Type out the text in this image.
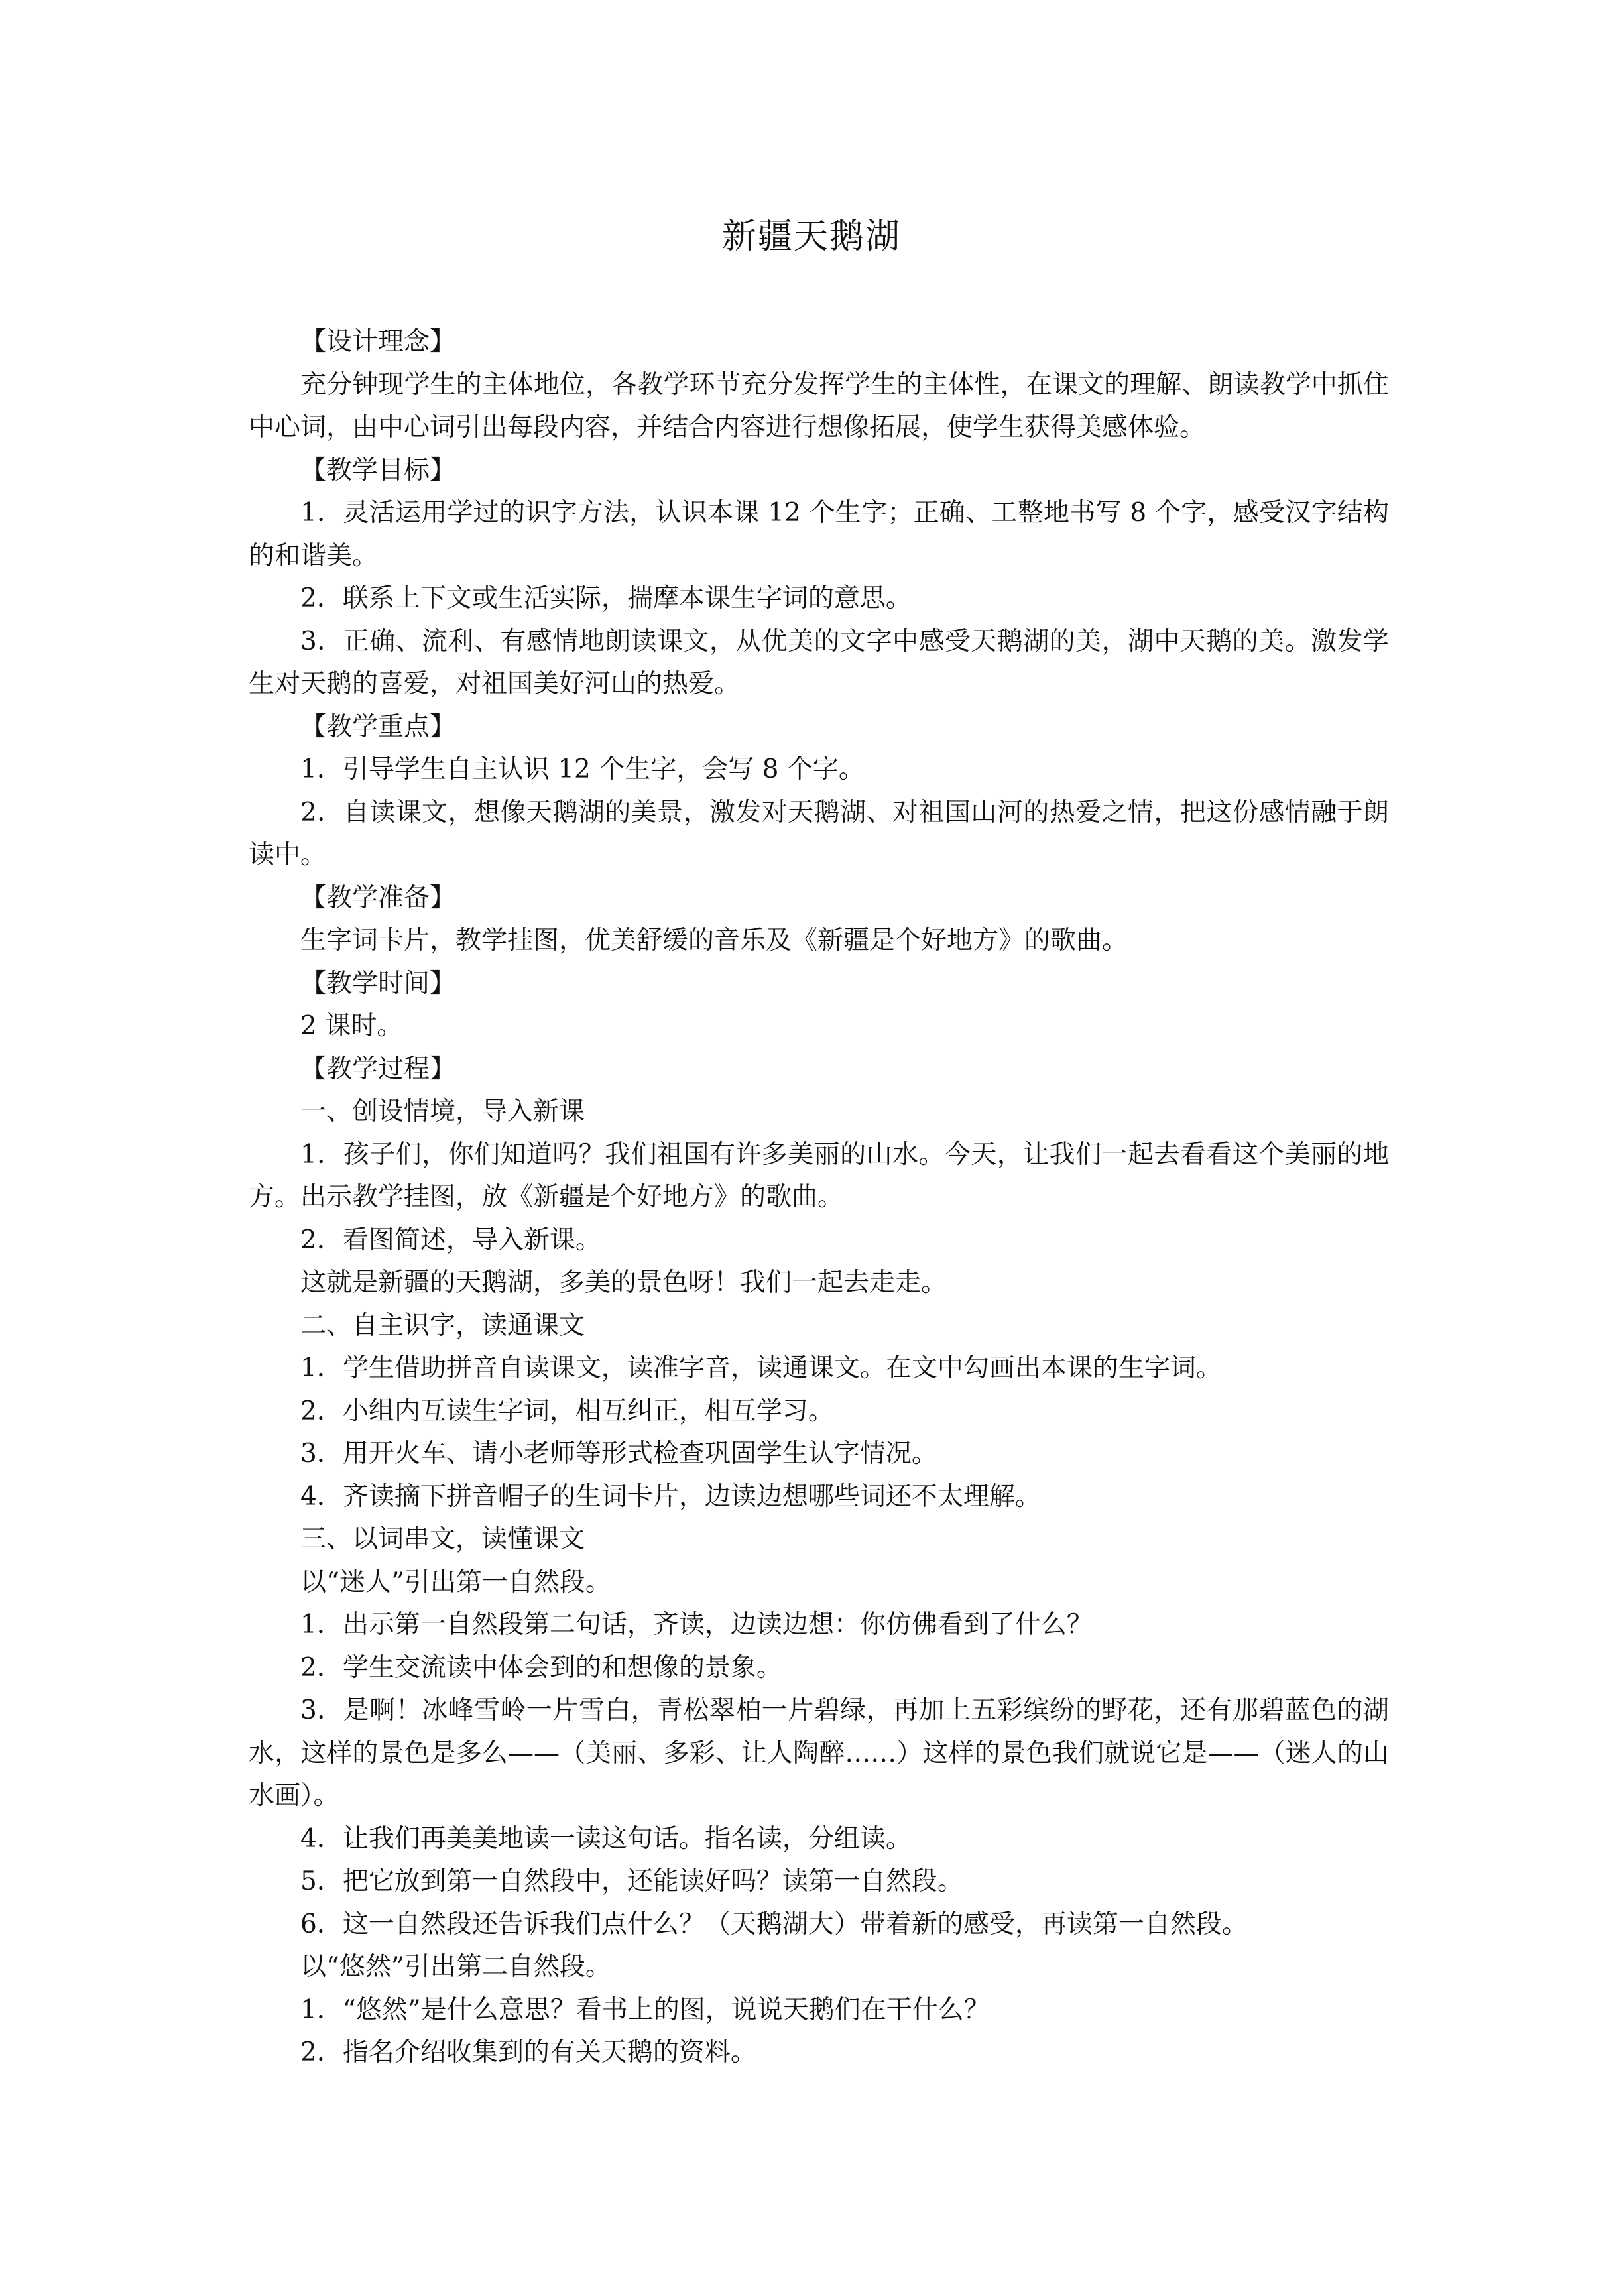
新疆天鹅湖

【设计理念】

充分钟现学生的主体地位，各教学环节充分发挥学生的主体性，在课文的理解、朗读教学中抓住中心词，由中心词引出每段内容，并结合内容进行想像拓展，使学生获得美感体验。

【教学目标】

1．灵活运用学过的识字方法，认识本课 12 个生字；正确、工整地书写 8 个字，感受汉字结构的和谐美。

2．联系上下文或生活实际，揣摩本课生字词的意思。

3．正确、流利、有感情地朗读课文，从优美的文字中感受天鹅湖的美，湖中天鹅的美。激发学生对天鹅的喜爱，对祖国美好河山的热爱。

【教学重点】

1．引导学生自主认识 12 个生字，会写 8 个字。

2．自读课文，想像天鹅湖的美景，激发对天鹅湖、对祖国山河的热爱之情，把这份感情融于朗读中。

【教学准备】

生字词卡片，教学挂图，优美舒缓的音乐及《新疆是个好地方》的歌曲。

【教学时间】

2 课时。

【教学过程】

一、创设情境，导入新课

1．孩子们，你们知道吗？我们祖国有许多美丽的山水。今天，让我们一起去看看这个美丽的地方。出示教学挂图，放《新疆是个好地方》的歌曲。

2．看图简述，导入新课。

这就是新疆的天鹅湖，多美的景色呀！我们一起去走走。

二、自主识字，读通课文

1．学生借助拼音自读课文，读准字音，读通课文。在文中勾画出本课的生字词。

2．小组内互读生字词，相互纠正，相互学习。

3．用开火车、请小老师等形式检查巩固学生认字情况。

4．齐读摘下拼音帽子的生词卡片，边读边想哪些词还不太理解。

三、以词串文，读懂课文

以“迷人”引出第一自然段。

1．出示第一自然段第二句话，齐读，边读边想：你仿佛看到了什么？

2．学生交流读中体会到的和想像的景象。

3．是啊！冰峰雪岭一片雪白，青松翠柏一片碧绿，再加上五彩缤纷的野花，还有那碧蓝色的湖水，这样的景色是多么——（美丽、多彩、让人陶醉……）这样的景色我们就说它是——（迷人的山水画）。

4．让我们再美美地读一读这句话。指名读，分组读。

5．把它放到第一自然段中，还能读好吗？读第一自然段。

6．这一自然段还告诉我们点什么？（天鹅湖大）带着新的感受，再读第一自然段。

以“悠然”引出第二自然段。

1．“悠然”是什么意思？看书上的图，说说天鹅们在干什么？

2．指名介绍收集到的有关天鹅的资料。
